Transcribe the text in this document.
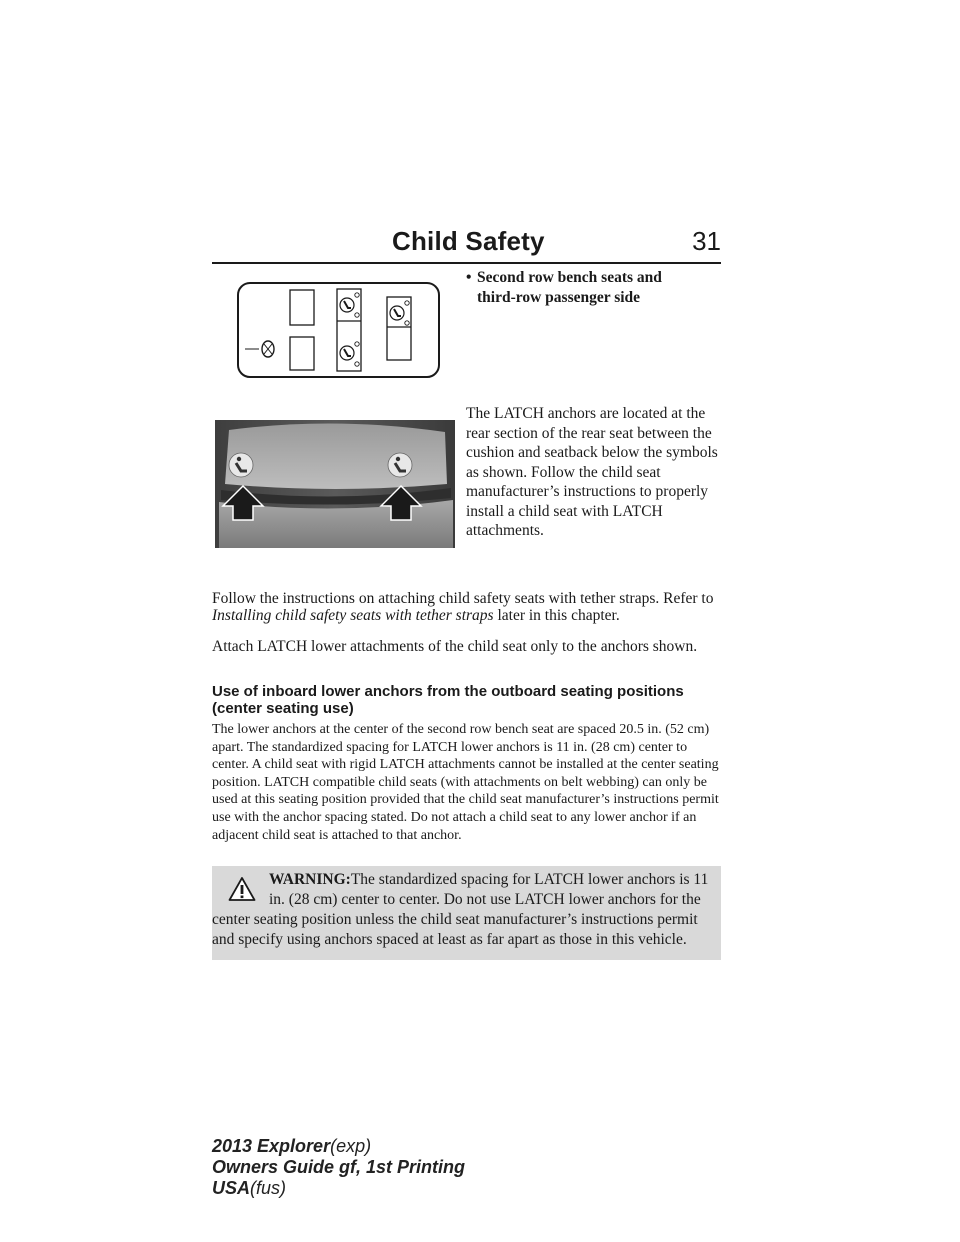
Child Safety	31
• Second row bench seats and
third-row passenger side
The LATCH anchors are located at the rear section of the rear seat between the cushion and seatback below the symbols as shown. Follow the child seat manufacturer’s instructions to properly install a child seat with LATCH attachments.

Follow the instructions on attaching child safety seats with tether straps. Refer to Installing child safety seats with tether straps later in this chapter.

Attach LATCH lower attachments of the child seat only to the anchors shown.

Use of inboard lower anchors from the outboard seating positions (center seating use)
The lower anchors at the center of the second row bench seat are spaced 20.5 in. (52 cm) apart. The standardized spacing for LATCH lower anchors is 11 in. (28 cm) center to center. A child seat with rigid LATCH attachments cannot be installed at the center seating position. LATCH compatible child seats (with attachments on belt webbing) can only be used at this seating position provided that the child seat manufacturer’s instructions permit use with the anchor spacing stated. Do not attach a child seat to any lower anchor if an adjacent child seat is attached to that anchor.
WARNING:The standardized spacing for LATCH lower anchors is 11 in. (28 cm) center to center. Do not use LATCH lower anchors for the center seating position unless the child seat manufacturer’s instructions permit and specify using anchors spaced at least as far apart as those in this vehicle.
2013 Explorer(exp)
Owners Guide gf, 1st Printing
USA(fus)
